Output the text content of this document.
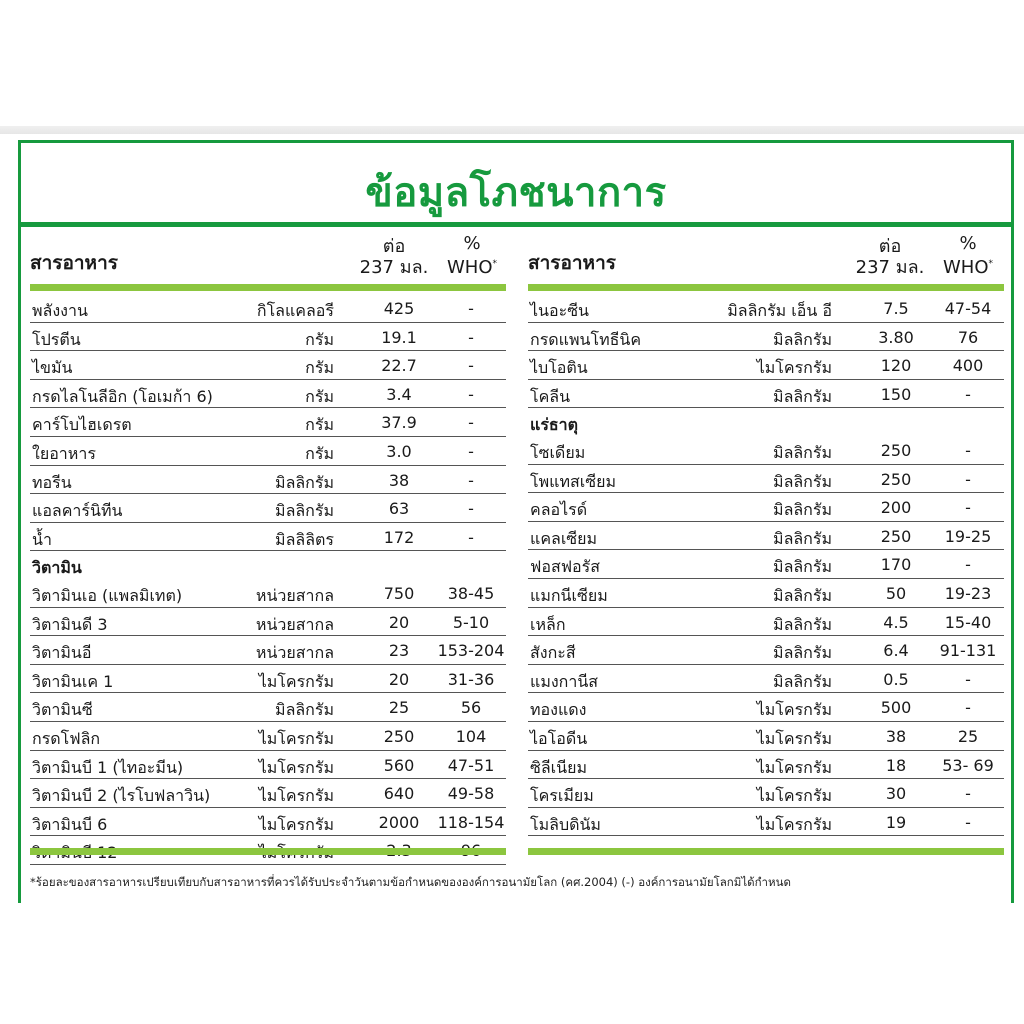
ข้อมูลโภชนาการ
สารอาหาร
ต่อ
237 มล.
%
WHO*
พลังงาน	กิโลแคลอรี	425	-
โปรตีน	กรัม	19.1	-
ไขมัน	กรัม	22.7	-
กรดไลโนลีอิก (โอเมก้า 6)	กรัม	3.4	-
คาร์โบไฮเดรต	กรัม	37.9	-
ใยอาหาร	กรัม	3.0	-
ทอรีน	มิลลิกรัม	38	-
แอลคาร์นิทีน	มิลลิกรัม	63	-
น้ำ	มิลลิลิตร	172	-
วิตามิน
วิตามินเอ (แพลมิเทต)	หน่วยสากล	750	38-45
วิตามินดี 3	หน่วยสากล	20	5-10
วิตามินอี	หน่วยสากล	23	153-204
วิตามินเค 1	ไมโครกรัม	20	31-36
วิตามินซี	มิลลิกรัม	25	56
กรดโฟลิก	ไมโครกรัม	250	104
วิตามินบี 1 (ไทอะมีน)	ไมโครกรัม	560	47-51
วิตามินบี 2 (ไรโบฟลาวิน)	ไมโครกรัม	640	49-58
วิตามินบี 6	ไมโครกรัม	2000 118-154
สารอาหาร
ต่อ
237 มล.
%
WHO*
ไนอะซีน	มิลลิกรัม เอ็น อี	7.5	47-54
กรดแพนโทธีนิค	มิลลิกรัม	3.80	76
ไบโอติน	ไมโครกรัม	120	400
โคลีน	มิลลิกรัม	150	-
แร่ธาตุ
โซเดียม	มิลลิกรัม	250	-
โพแทสเซียม	มิลลิกรัม	250	-
คลอไรด์	มิลลิกรัม	200	-
แคลเซียม	มิลลิกรัม	250	19-25
ฟอสฟอรัส	มิลลิกรัม	170	-
แมกนีเซียม	มิลลิกรัม	50	19-23
เหล็ก	มิลลิกรัม	4.5	15-40
สังกะสี	มิลลิกรัม	6.4	91-131
แมงกานีส	มิลลิกรัม	0.5	-
ทองแดง	ไมโครกรัม	500	-
ไอโอดีน	ไมโครกรัม	38	25
ซิลีเนียม	ไมโครกรัม	18	53- 69
โครเมียม	ไมโครกรัม	30	-
โมลิบดินัม	ไมโครกรัม	19	-
*ร้อยละของสารอาหารเปรียบเทียบกับสารอาหารที่ควรได้รับประจำวันตามข้อกำหนดขององค์การอนามัยโลก (คศ.2004) (-) องค์การอนามัยโลกมิได้กำหนด
